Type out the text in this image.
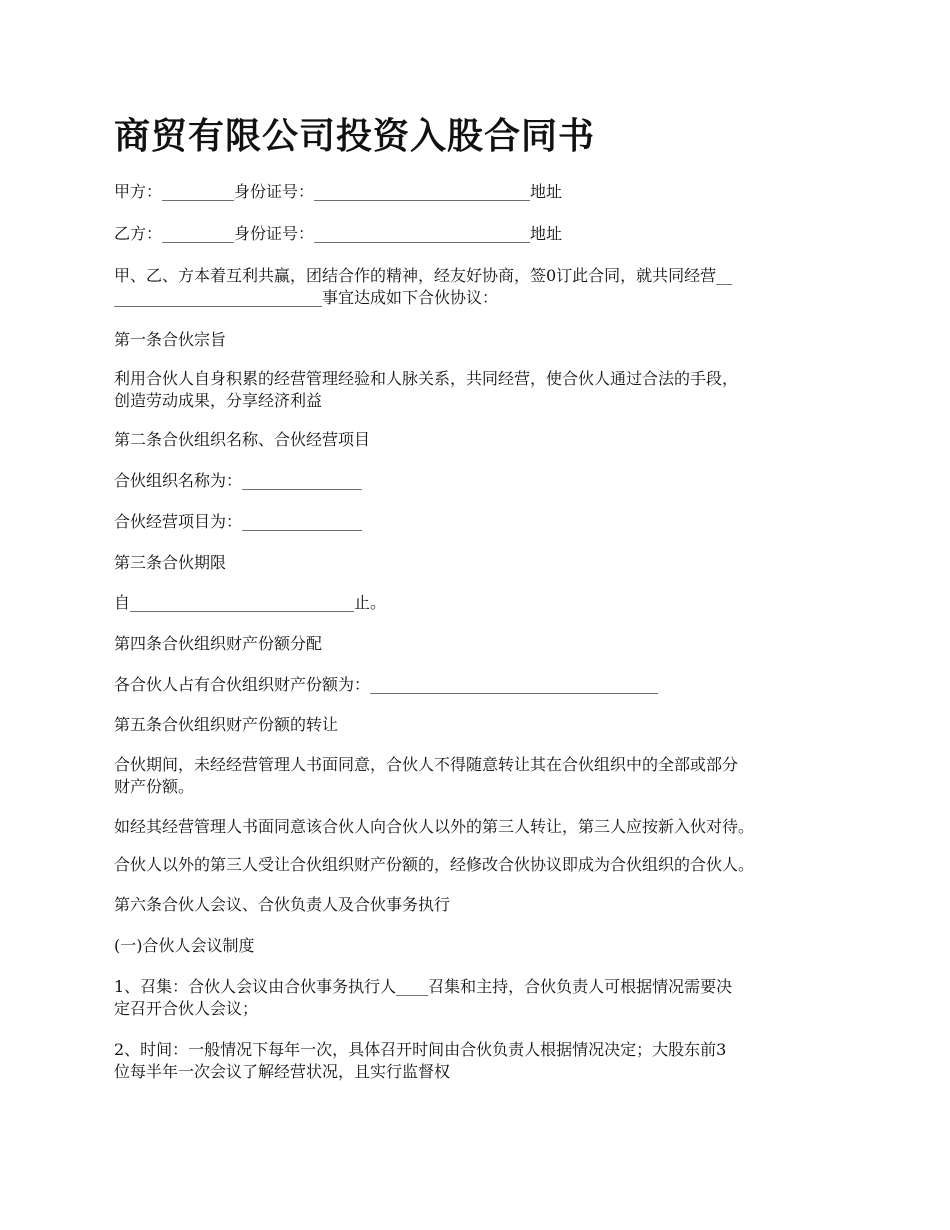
商贸有限公司投资入股合同书
甲方：_________身份证号：___________________________地址
乙方：_________身份证号：___________________________地址
甲、乙、方本着互利共赢，团结合作的精神，经友好协商，签0订此合同，就共同经营__
__________________________事宜达成如下合伙协议：
第一条合伙宗旨
利用合伙人自身积累的经营管理经验和人脉关系，共同经营，使合伙人通过合法的手段，
创造劳动成果，分享经济利益
第二条合伙组织名称、合伙经营项目
合伙组织名称为：_______________
合伙经营项目为：_______________
第三条合伙期限
自____________________________止。
第四条合伙组织财产份额分配
各合伙人占有合伙组织财产份额为：____________________________________
第五条合伙组织财产份额的转让
合伙期间，未经经营管理人书面同意，合伙人不得随意转让其在合伙组织中的全部或部分
财产份额。
如经其经营管理人书面同意该合伙人向合伙人以外的第三人转让，第三人应按新入伙对待。
合伙人以外的第三人受让合伙组织财产份额的，经修改合伙协议即成为合伙组织的合伙人。
第六条合伙人会议、合伙负责人及合伙事务执行
(一)合伙人会议制度
1、召集：合伙人会议由合伙事务执行人____召集和主持，合伙负责人可根据情况需要决
定召开合伙人会议；
2、时间：一般情况下每年一次，具体召开时间由合伙负责人根据情况决定；大股东前3
位每半年一次会议了解经营状况，且实行监督权
